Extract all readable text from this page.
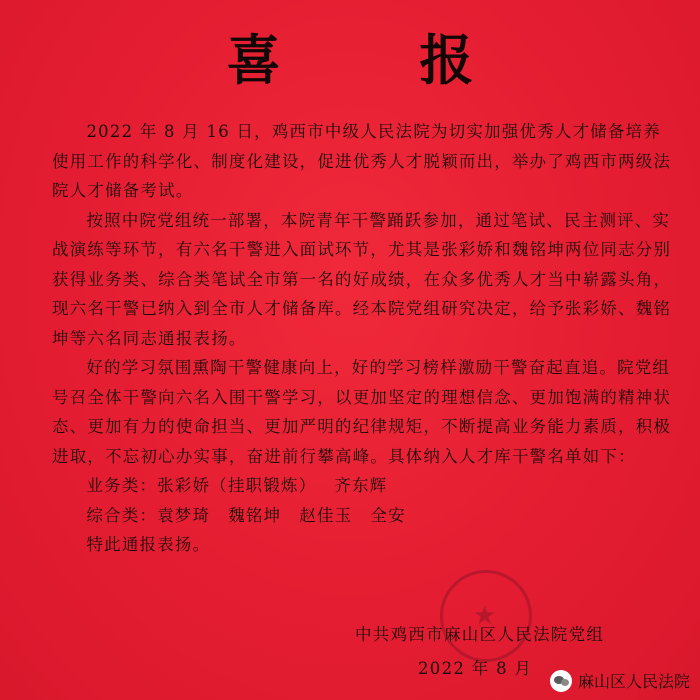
喜 报

2022 年 8 月 16 日，鸡西市中级人民法院为切实加强优秀人才储备培养使用工作的科学化、制度化建设，促进优秀人才脱颖而出，举办了鸡西市两级法院人才储备考试。

按照中院党组统一部署，本院青年干警踊跃参加，通过笔试、民主测评、实战演练等环节，有六名干警进入面试环节，尤其是张彩娇和魏铭坤两位同志分别获得业务类、综合类笔试全市第一名的好成绩，在众多优秀人才当中崭露头角，现六名干警已纳入到全市人才储备库。经本院党组研究决定，给予张彩娇、魏铭坤等六名同志通报表扬。

好的学习氛围熏陶干警健康向上，好的学习榜样激励干警奋起直追。院党组号召全体干警向六名入围干警学习，以更加坚定的理想信念、更加饱满的精神状态、更加有力的使命担当、更加严明的纪律规矩，不断提高业务能力素质，积极进取，不忘初心办实事，奋进前行攀高峰。具体纳入人才库干警名单如下：

业务类：张彩娇（挂职锻炼） 齐东辉
综合类：袁梦琦 魏铭坤 赵佳玉 全安

特此通报表扬。

★
中共鸡西市麻山区人民法院党组
2022 年 8 月
麻山区人民法院
